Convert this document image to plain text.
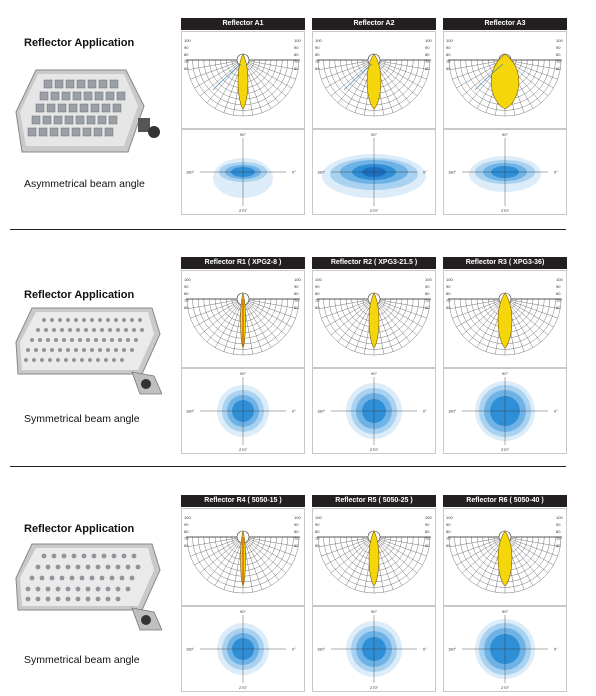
Reflector Application
Asymmetrical beam angle
Reflector Application
Symmetrical beam angle
Reflector Application
Symmetrical beam angle
Reflector A1
100	100
90	90
80	80
70	70
60	60
90°
180°	0°
270°
Reflector A2
100	100
90	90
80	80
70	70
60	60
90°
180°	0°
270°
Reflector A3
100	100
90	90
80	80
70	70
60	60
90°
180°	0°
270°
Reflector R1 ( XPG2-8 )
100	100
90	90
80	80
70	70
60	60
90°
180°	0°
270°
Reflector R2 ( XPG3-21.5 )
100	100
90	90
80	80
70	70
60	60
90°
180°	0°
270°
Reflector R3 ( XPG3-36)
100	100
90	90
80	80
70	70
60	60
90°
180°	0°
270°
Reflector R4 ( 5050-15 )
100	100
90	90
80	80
70	70
60	60
90°
180°	0°
270°
Reflector R5 ( 5050-25 )
100	100
90	90
80	80
70	70
60	60
90°
180°	0°
270°
Reflector R6 ( 5050-40 )
100	100
90	90
80	80
70	70
60	60
90°
180°	0°
270°
